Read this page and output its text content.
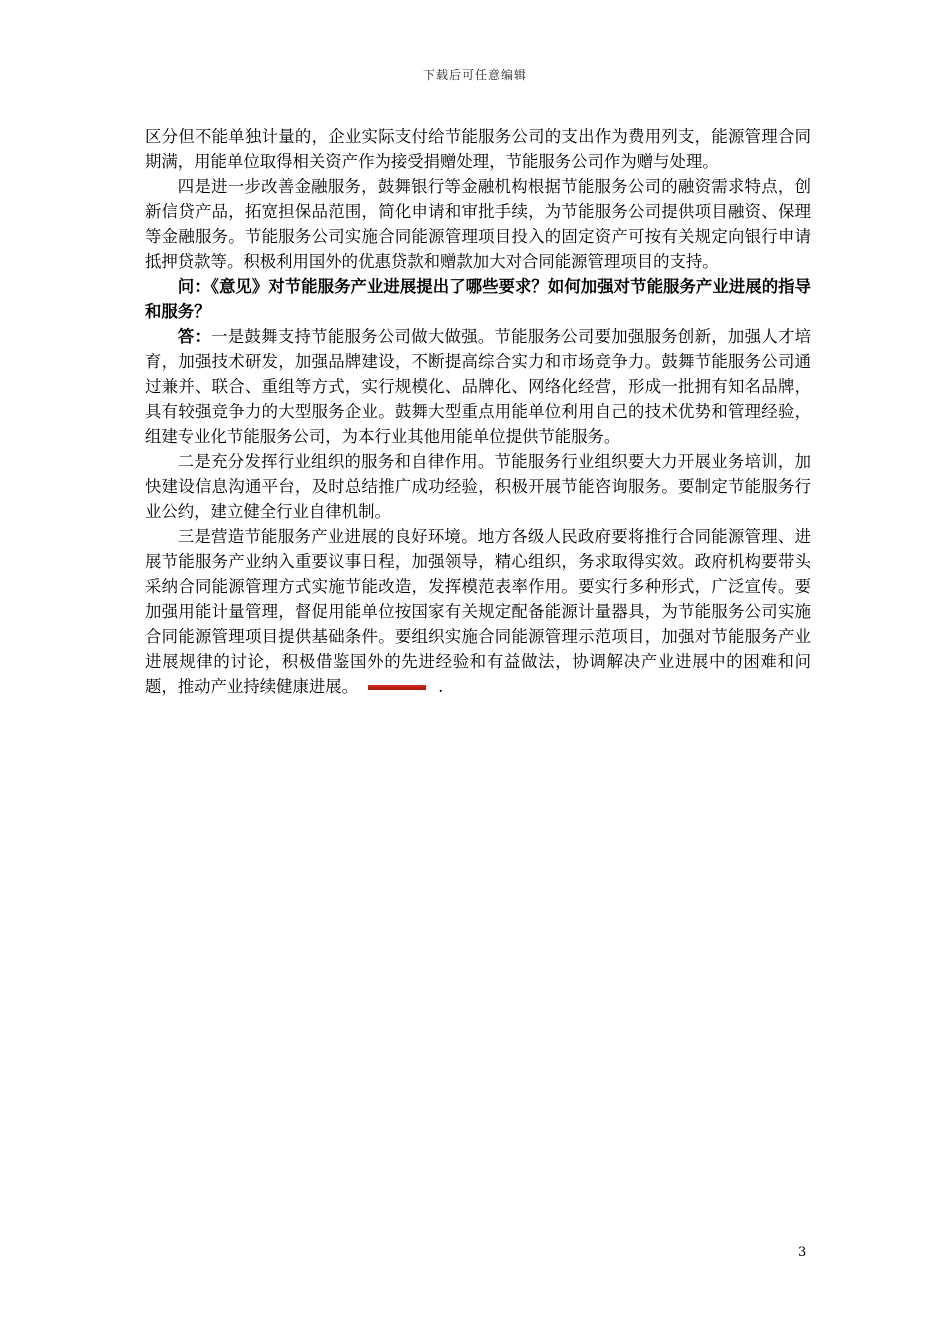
下载后可任意编辑

区分但不能单独计量的，企业实际支付给节能服务公司的支出作为费用列支，能源管理合同期满，用能单位取得相关资产作为接受捐赠处理，节能服务公司作为赠与处理。

四是进一步改善金融服务，鼓舞银行等金融机构根据节能服务公司的融资需求特点，创新信贷产品，拓宽担保品范围，简化申请和审批手续，为节能服务公司提供项目融资、保理等金融服务。节能服务公司实施合同能源管理项目投入的固定资产可按有关规定向银行申请抵押贷款等。积极利用国外的优惠贷款和赠款加大对合同能源管理项目的支持。

问：《意见》对节能服务产业进展提出了哪些要求？如何加强对节能服务产业进展的指导和服务？

答：一是鼓舞支持节能服务公司做大做强。节能服务公司要加强服务创新，加强人才培育，加强技术研发，加强品牌建设，不断提高综合实力和市场竞争力。鼓舞节能服务公司通过兼并、联合、重组等方式，实行规模化、品牌化、网络化经营，形成一批拥有知名品牌，具有较强竞争力的大型服务企业。鼓舞大型重点用能单位利用自己的技术优势和管理经验，组建专业化节能服务公司，为本行业其他用能单位提供节能服务。

二是充分发挥行业组织的服务和自律作用。节能服务行业组织要大力开展业务培训，加快建设信息沟通平台，及时总结推广成功经验，积极开展节能咨询服务。要制定节能服务行业公约，建立健全行业自律机制。

三是营造节能服务产业进展的良好环境。地方各级人民政府要将推行合同能源管理、进展节能服务产业纳入重要议事日程，加强领导，精心组织，务求取得实效。政府机构要带头采纳合同能源管理方式实施节能改造，发挥模范表率作用。要实行多种形式，广泛宣传。要加强用能计量管理，督促用能单位按国家有关规定配备能源计量器具，为节能服务公司实施合同能源管理项目提供基础条件。要组织实施合同能源管理示范项目，加强对节能服务产业进展规律的讨论，积极借鉴国外的先进经验和有益做法，协调解决产业进展中的困难和问题，推动产业持续健康进展。	.

3
